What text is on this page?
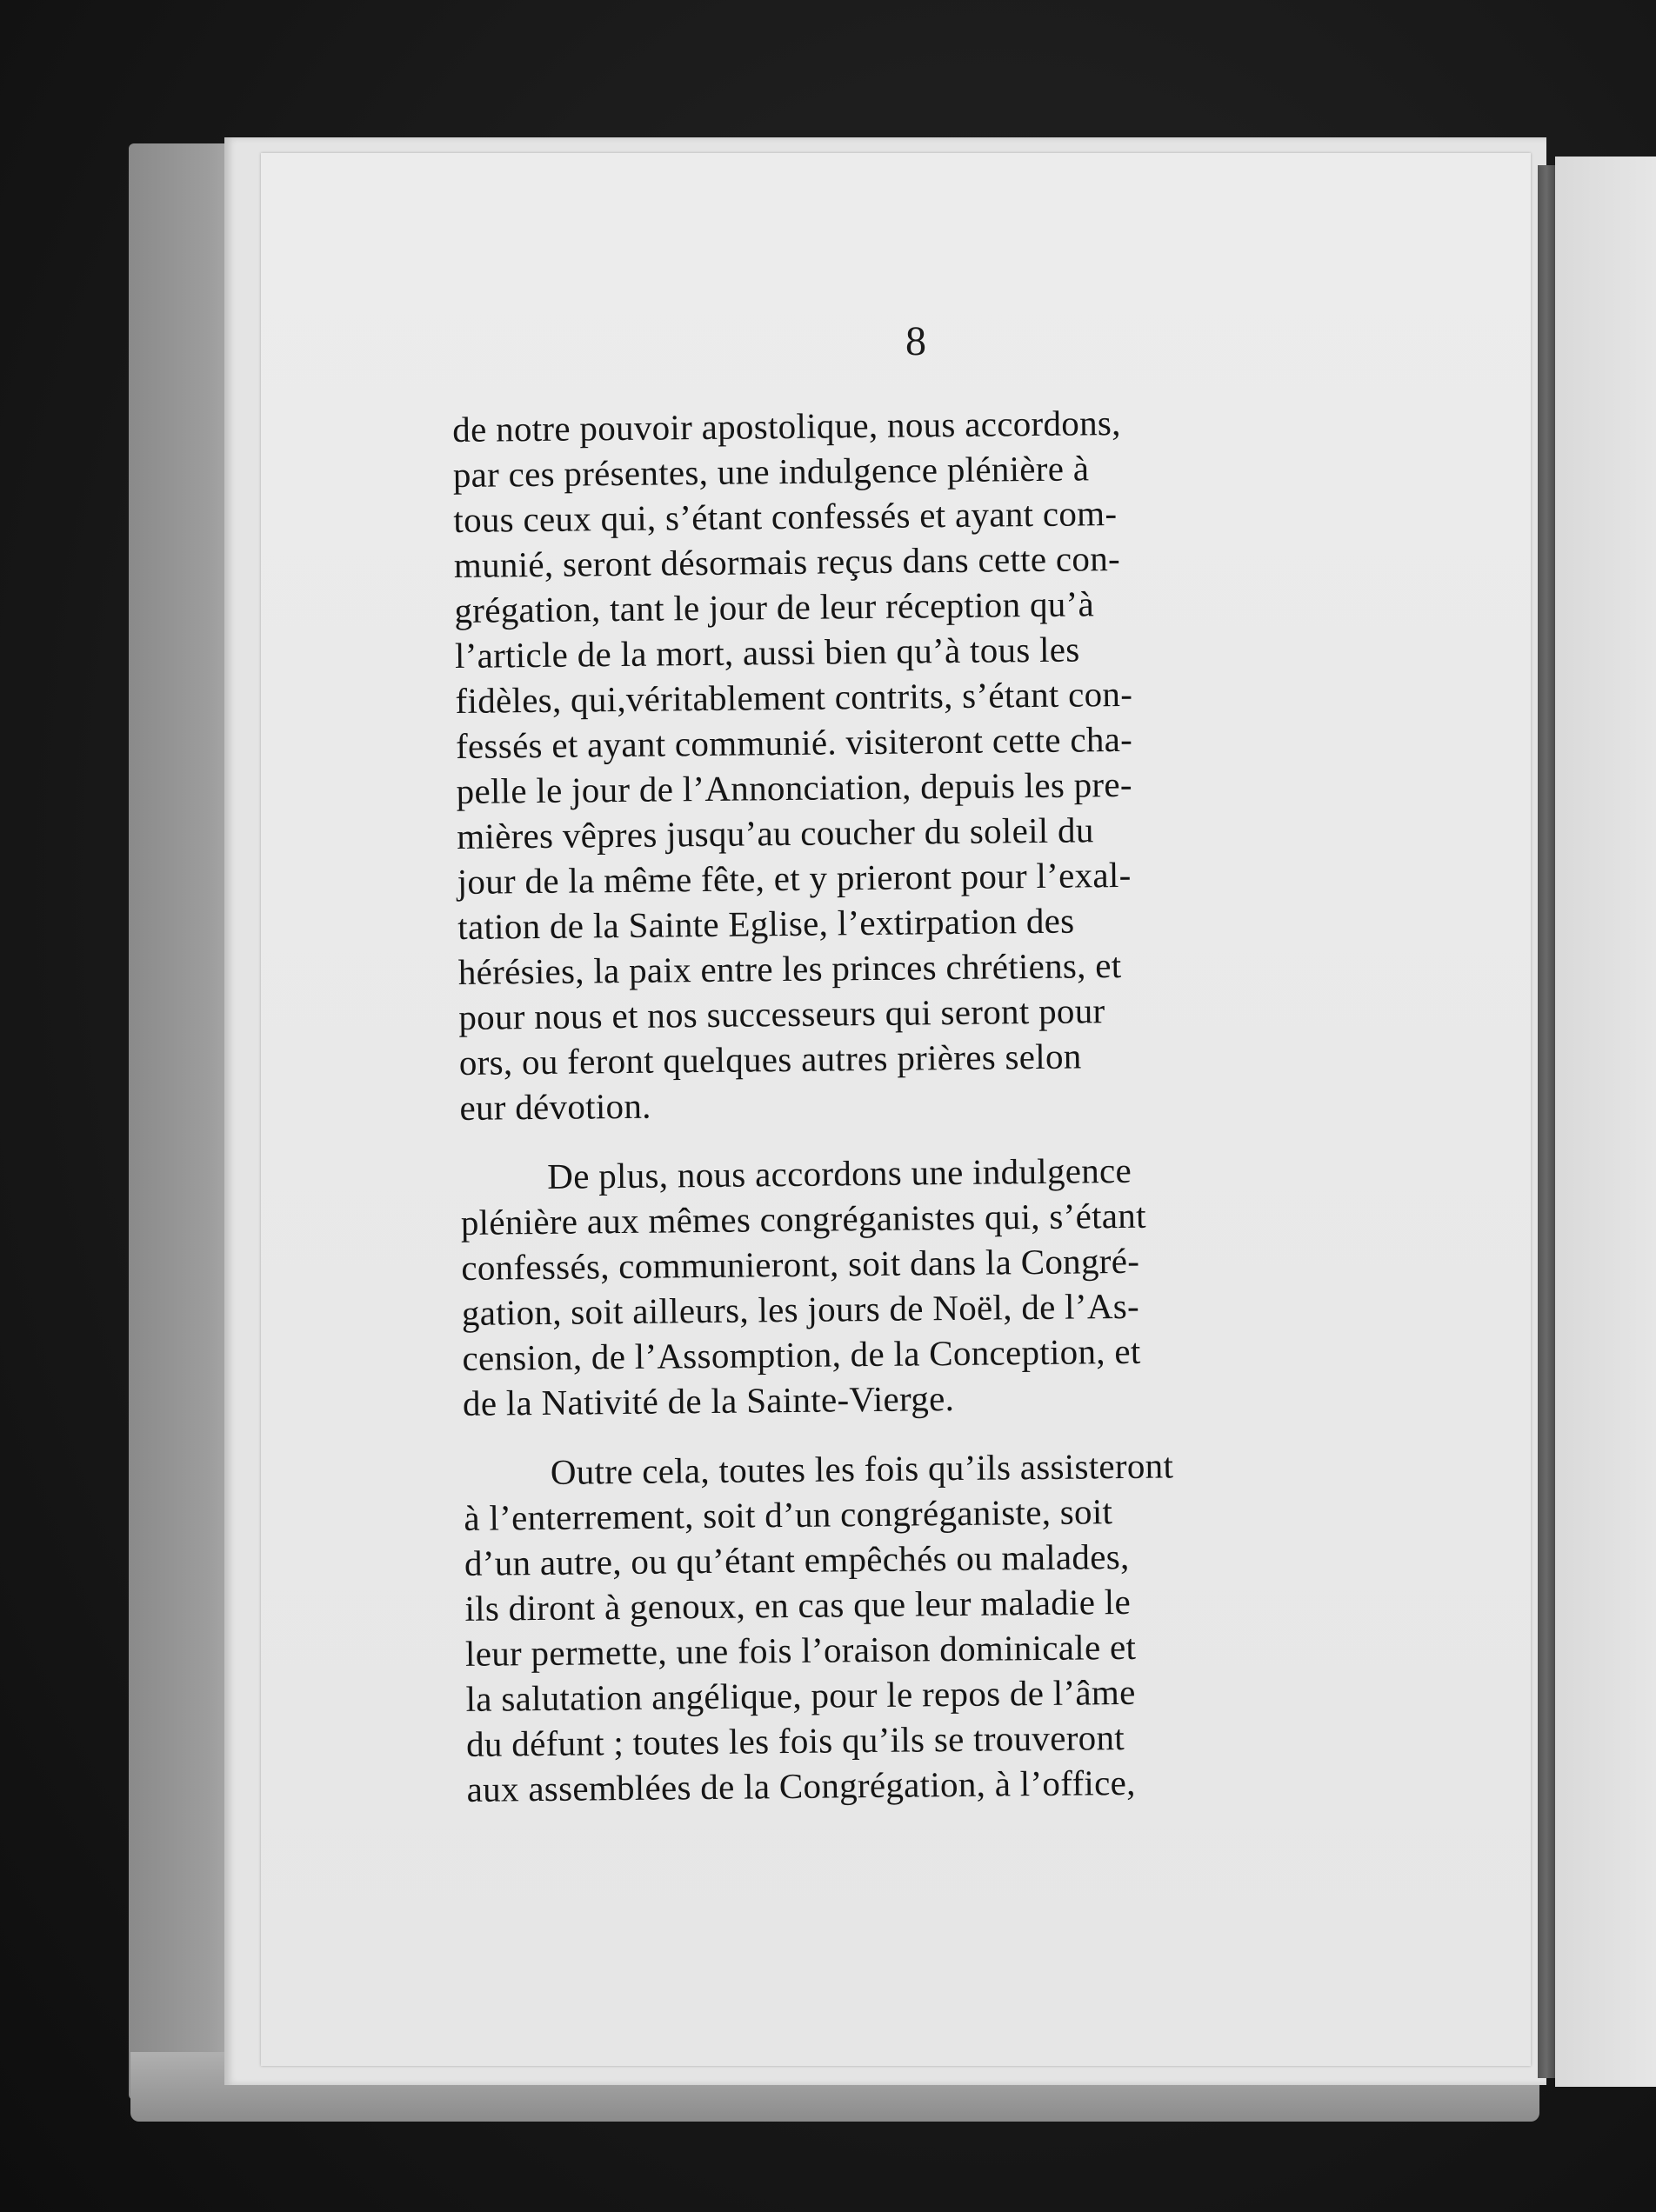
8
de notre pouvoir apostolique, nous accordons,
par ces présentes, une indulgence plénière à
tous ceux qui, s’étant confessés et ayant com-
munié, seront désormais reçus dans cette con-
grégation, tant le jour de leur réception qu’à
l’article de la mort, aussi bien qu’à tous les
fidèles, qui,véritablement contrits, s’étant con-
fessés et ayant communié. visiteront cette cha-
pelle le jour de l’Annonciation, depuis les pre-
mières vêpres jusqu’au coucher du soleil du
jour de la même fête, et y prieront pour l’exal-
tation de la Sainte Eglise, l’extirpation des
hérésies, la paix entre les princes chrétiens, et
pour nous et nos successeurs qui seront pour
ors, ou feront quelques autres prières selon
eur dévotion.
De plus, nous accordons une indulgence
plénière aux mêmes congréganistes qui, s’étant
confessés, communieront, soit dans la Congré-
gation, soit ailleurs, les jours de Noël, de l’As-
cension, de l’Assomption, de la Conception, et
de la Nativité de la Sainte-Vierge.
Outre cela, toutes les fois qu’ils assisteront
à l’enterrement, soit d’un congréganiste, soit
d’un autre, ou qu’étant empêchés ou malades,
ils diront à genoux, en cas que leur maladie le
leur permette, une fois l’oraison dominicale et
la salutation angélique, pour le repos de l’âme
du défunt ; toutes les fois qu’ils se trouveront
aux assemblées de la Congrégation, à l’office,
